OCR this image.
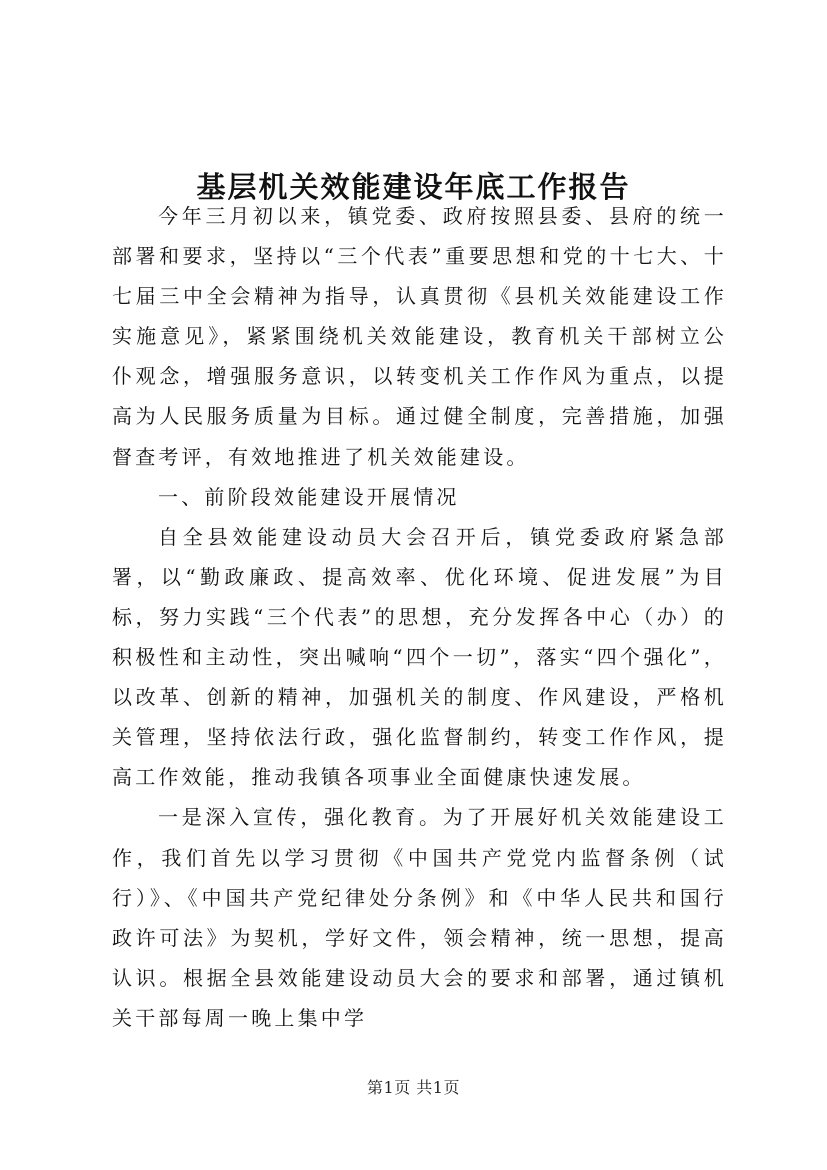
基层机关效能建设年底工作报告

今年三月初以来，镇党委、政府按照县委、县府的统一部署和要求，坚持以“三个代表”重要思想和党的十七大、十七届三中全会精神为指导，认真贯彻《县机关效能建设工作实施意见》，紧紧围绕机关效能建设，教育机关干部树立公仆观念，增强服务意识，以转变机关工作作风为重点，以提高为人民服务质量为目标。通过健全制度，完善措施，加强督查考评，有效地推进了机关效能建设。

一、前阶段效能建设开展情况

自全县效能建设动员大会召开后，镇党委政府紧急部署，以“勤政廉政、提高效率、优化环境、促进发展”为目标，努力实践“三个代表”的思想，充分发挥各中心（办）的积极性和主动性，突出喊响“四个一切”，落实“四个强化”，以改革、创新的精神，加强机关的制度、作风建设，严格机关管理，坚持依法行政，强化监督制约，转变工作作风，提高工作效能，推动我镇各项事业全面健康快速发展。

一是深入宣传，强化教育。为了开展好机关效能建设工作，我们首先以学习贯彻《中国共产党党内监督条例（试行）》、《中国共产党纪律处分条例》和《中华人民共和国行政许可法》为契机，学好文件，领会精神，统一思想，提高认识。根据全县效能建设动员大会的要求和部署，通过镇机关干部每周一晚上集中学

第1页 共1页
